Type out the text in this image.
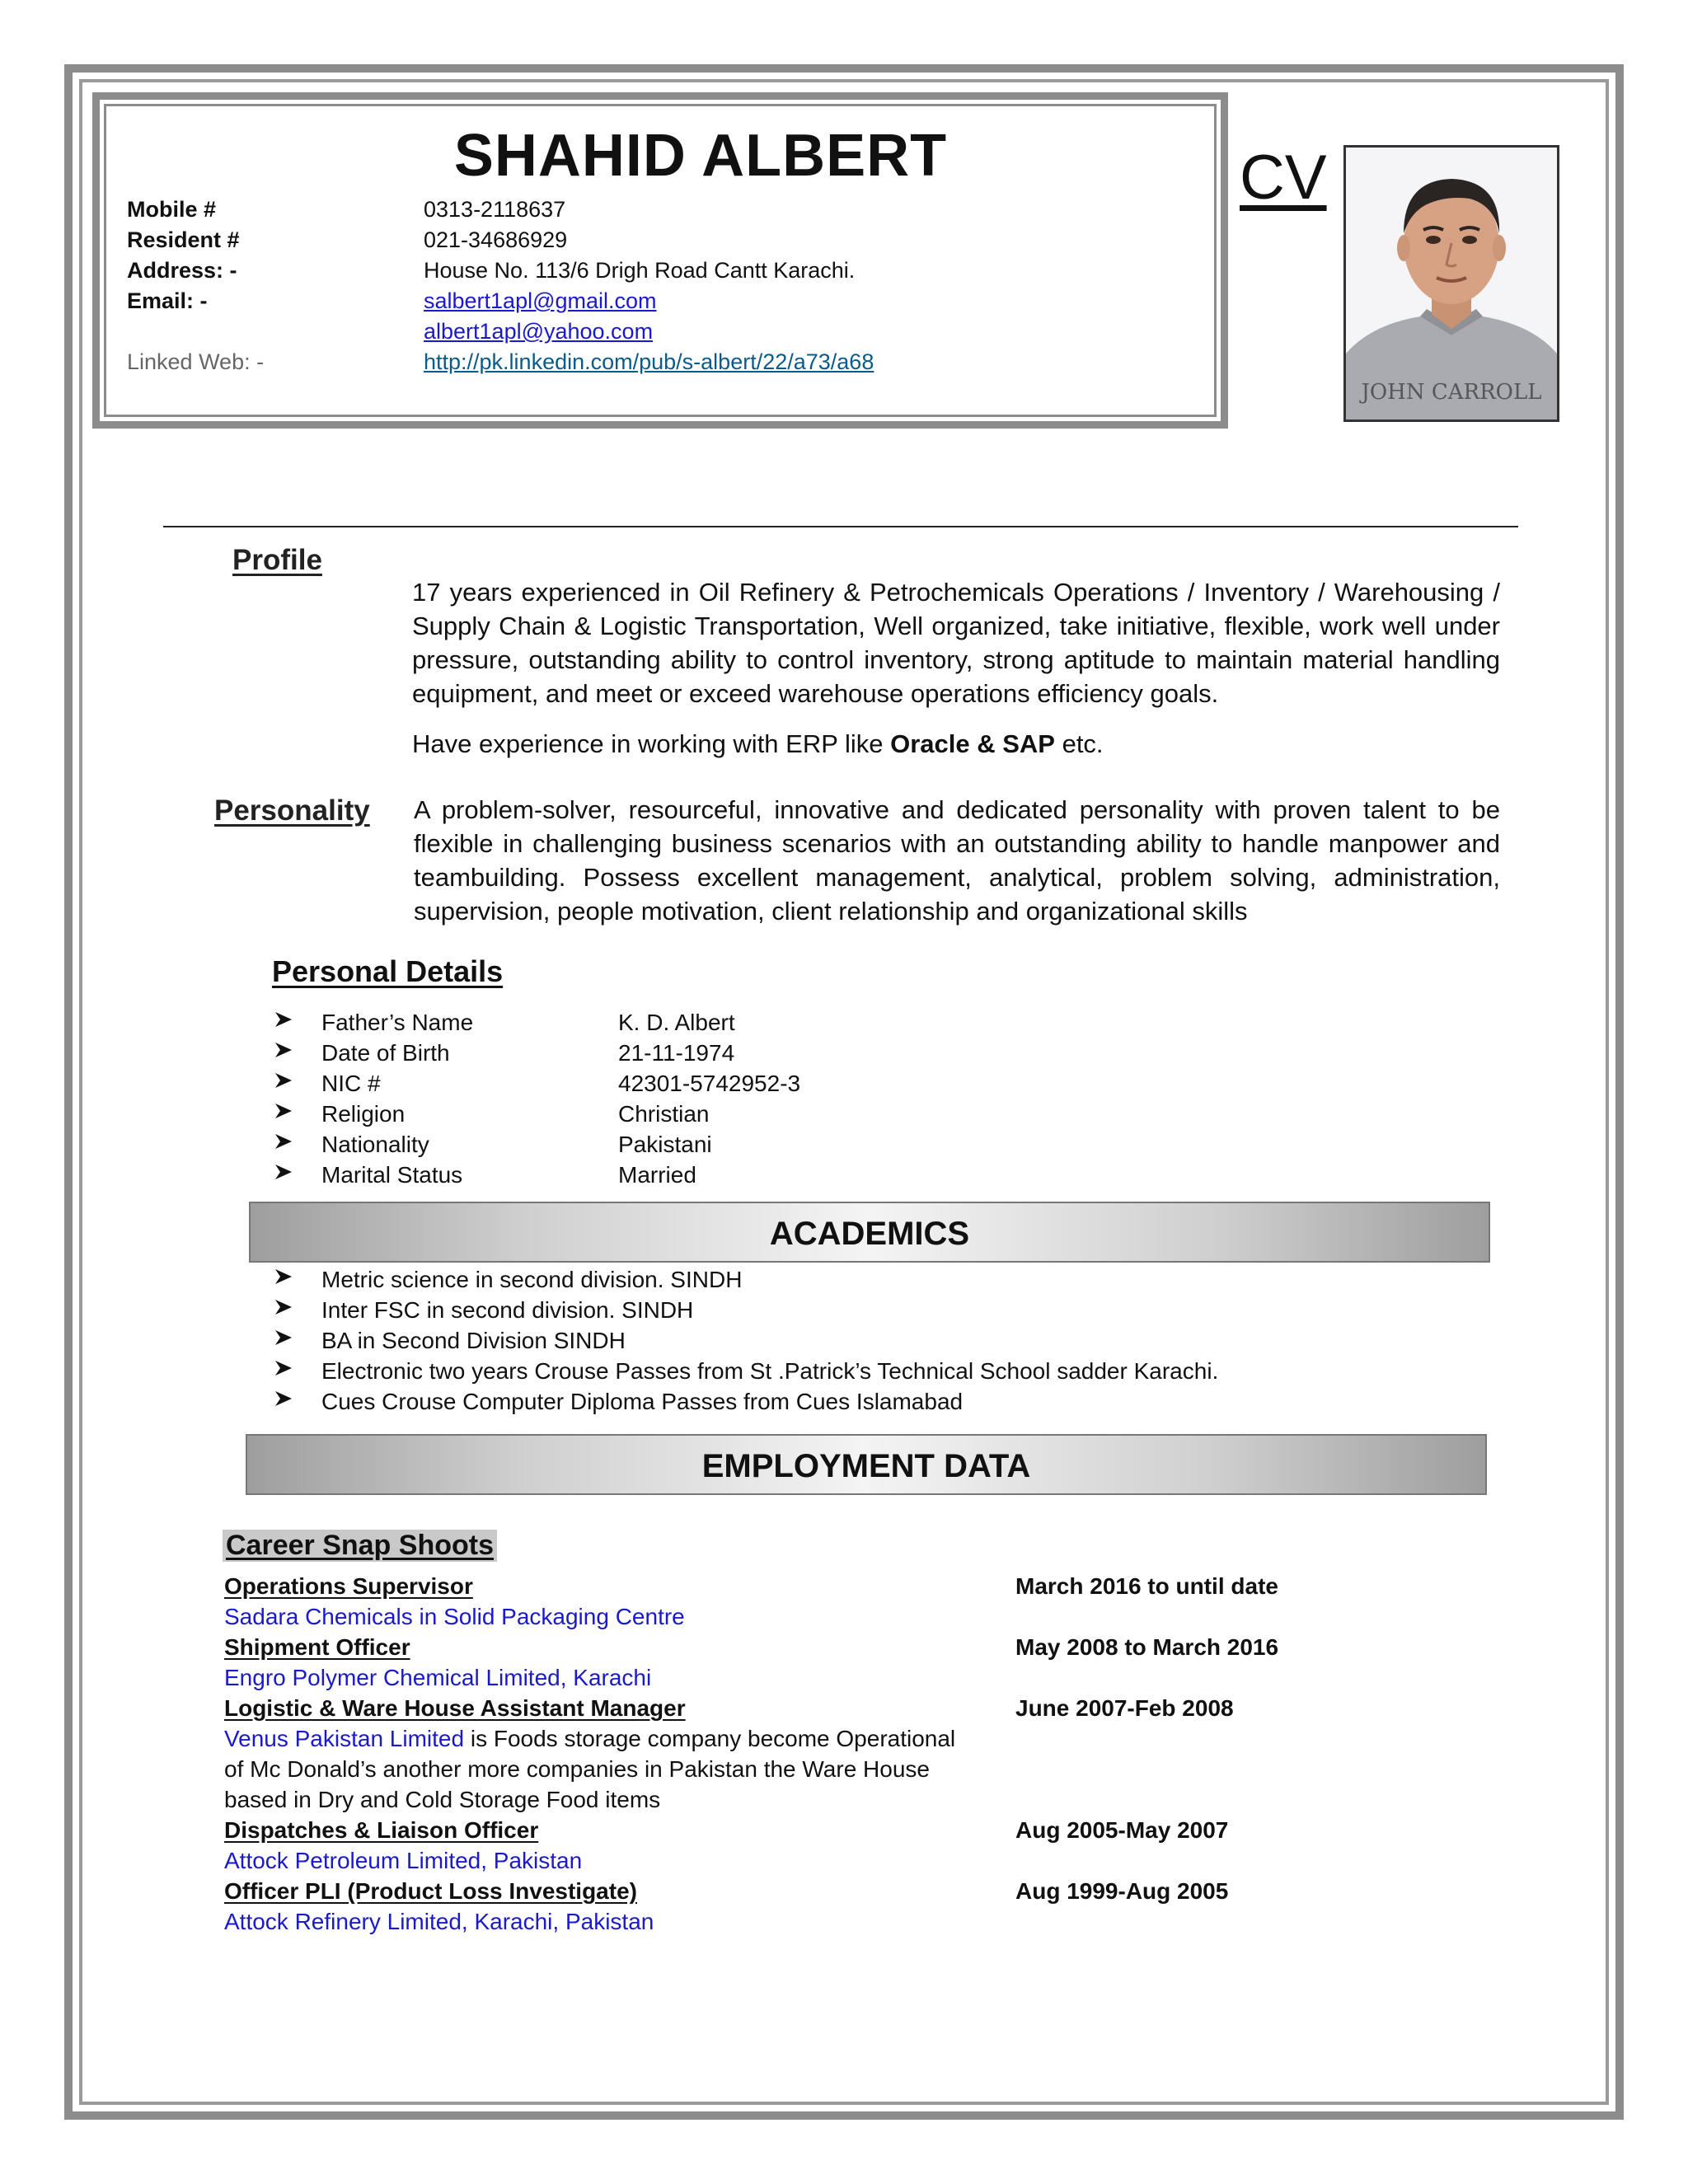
SHAHID ALBERT
Mobile #	0313-2118637
Resident #	021-34686929
Address: -	House No. 113/6 Drigh Road Cantt Karachi.
Email: -	salbert1apl@gmail.com
albert1apl@yahoo.com
Linked Web: -	http://pk.linkedin.com/pub/s-albert/22/a73/a68
CV
JOHN CARROLL
Profile
17 years experienced in Oil Refinery & Petrochemicals Operations / Inventory / Warehousing / Supply Chain & Logistic Transportation, Well organized, take initiative, flexible, work well under pressure, outstanding ability to control inventory, strong aptitude to maintain material handling equipment, and meet or exceed warehouse operations efficiency goals.
Have experience in working with ERP like Oracle & SAP etc.
Personality A problem-solver, resourceful, innovative and dedicated personality with proven talent to be flexible in challenging business scenarios with an outstanding ability to handle manpower and teambuilding. Possess excellent management, analytical, problem solving, administration, supervision, people motivation, client relationship and organizational skills
Personal Details
Father’s Name	K. D. Albert
Date of Birth	21-11-1974
NIC #	42301-5742952-3
Religion	Christian
Nationality	Pakistani
Marital Status	Married
ACADEMICS
Metric science in second division. SINDH
Inter FSC in second division. SINDH
BA in Second Division SINDH
Electronic two years Crouse Passes from St .Patrick’s Technical School sadder Karachi.
Cues Crouse Computer Diploma Passes from Cues Islamabad
EMPLOYMENT DATA
Career Snap Shoots
Operations Supervisor	March 2016 to until date
Sadara Chemicals in Solid Packaging Centre
Shipment Officer	May 2008 to March 2016
Engro Polymer Chemical Limited, Karachi
Logistic & Ware House Assistant Manager	June 2007-Feb 2008
Venus Pakistan Limited is Foods storage company become Operational
of Mc Donald’s another more companies in Pakistan the Ware House
based in Dry and Cold Storage Food items
Dispatches & Liaison Officer	Aug 2005-May 2007
Attock Petroleum Limited, Pakistan
Officer PLI (Product Loss Investigate)	Aug 1999-Aug 2005
Attock Refinery Limited, Karachi, Pakistan
